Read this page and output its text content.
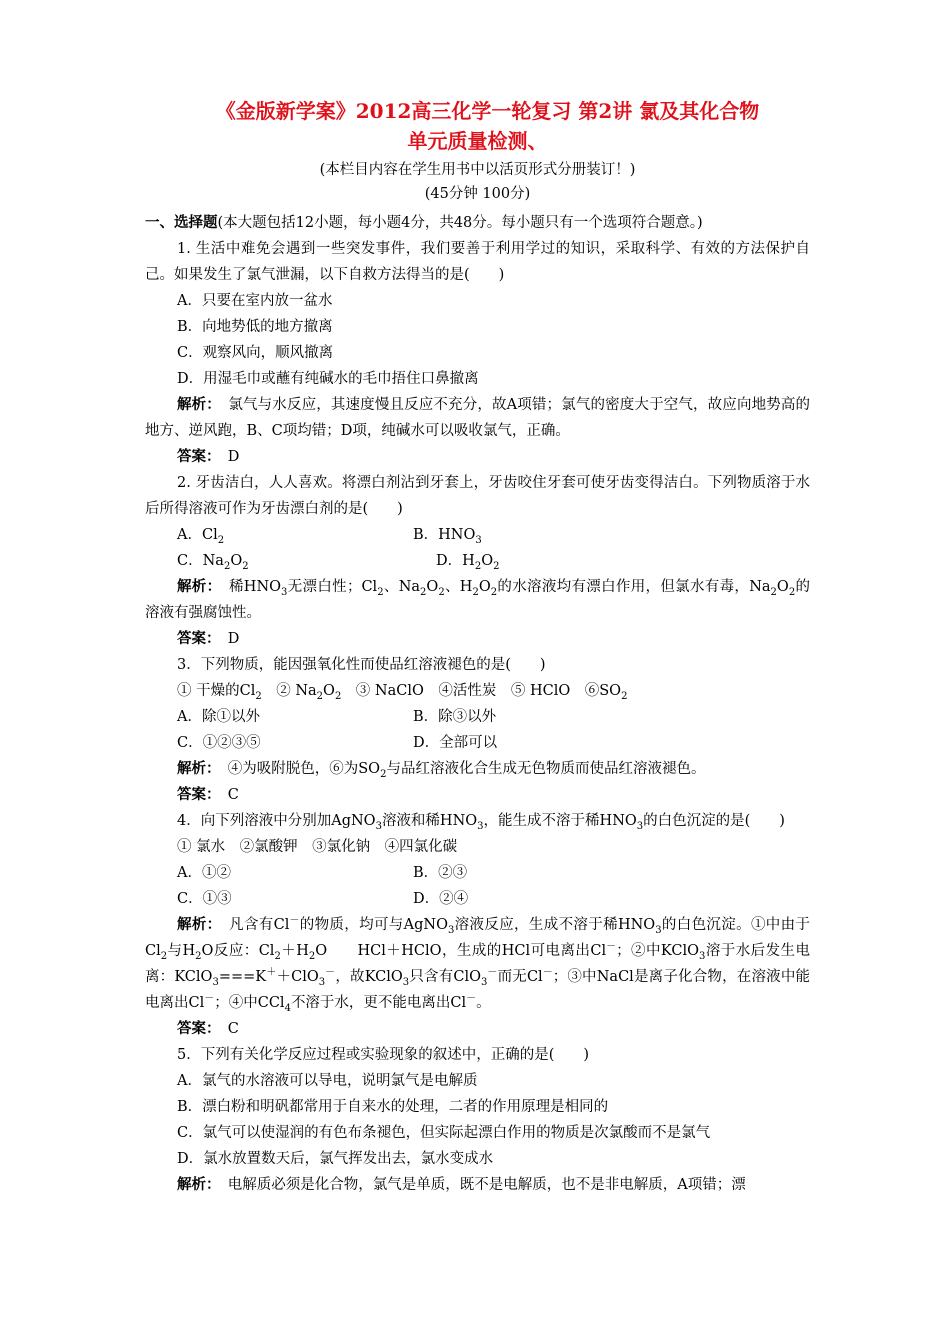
《金版新学案》2012高三化学一轮复习 第2讲 氯及其化合物

单元质量检测、

(本栏目内容在学生用书中以活页形式分册装订！)

(45分钟 100分)

一、选择题(本大题包括12小题，每小题4分，共48分。每小题只有一个选项符合题意。)

1. 生活中难免会遇到一些突发事件，我们要善于利用学过的知识，采取科学、有效的方法保护自己。如果发生了氯气泄漏，以下自救方法得当的是(　　)

A．只要在室内放一盆水

B．向地势低的地方撤离

C．观察风向，顺风撤离

D．用湿毛巾或蘸有纯碱水的毛巾捂住口鼻撤离

解析：　 氯气与水反应，其速度慢且反应不充分，故A项错；氯气的密度大于空气，故应向地势高的地方、逆风跑，B、C项均错；D项，纯碱水可以吸收氯气，正确。

答案：　 D

2. 牙齿洁白，人人喜欢。将漂白剂沾到牙套上，牙齿咬住牙套可使牙齿变得洁白。下列物质溶于水后所得溶液可作为牙齿漂白剂的是(　　)

A．$Cl_2$	B．$HNO_3$
C．$Na_2O_2$	D．$H_2O_2$

解析：　稀$HNO_3$无漂白性；$Cl_2$、$Na_2O_2$、$H_2O_2$的水溶液均有漂白作用，但氯水有毒，$Na_2O_2$的溶液有强腐蚀性。

答案：　 D

3．下列物质，能因强氧化性而使品红溶液褪色的是(　　)

① 干燥的$Cl_2$　② $Na_2O_2$　③ NaClO　④活性炭　⑤ HClO　$⑥SO_2$

A．除①以外	B．除③以外
C．①②③⑤	D．全部可以

解析：　④为吸附脱色，⑥为$SO_2$与品红溶液化合生成无色物质而使品红溶液褪色。

答案：　 C

4．向下列溶液中分别加AgNO$_3$溶液和稀$HNO_3$，能生成不溶于稀$HNO_3$的白色沉淀的是(　　)

① 氯水　②氯酸钾　③氯化钠　④四氯化碳

A．①②	B．②③
C．①③	D．②④

解析：　凡含有Cl－的物质，均可与AgNO$_3$溶液反应，生成不溶于稀$HNO_3$的白色沉淀。①中由于$Cl_2$与$H_2O$反应：$Cl_2+H_2O$　　HCl＋HClO，生成的HCl可电离出Cl－；②中KClO$_3$溶于水后发生电离：KClO$_3$===K＋＋ClO$_3$－，故KClO$_3$只含有ClO$_3$－而无Cl－；③中NaCl是离子化合物，在溶液中能电离出Cl－；④中CCl$_4$不溶于水，更不能电离出Cl－。

答案：　 C

5．下列有关化学反应过程或实验现象的叙述中，正确的是(　　)

A．氯气的水溶液可以导电，说明氯气是电解质

B．漂白粉和明矾都常用于自来水的处理，二者的作用原理是相同的

C．氯气可以使湿润的有色布条褪色，但实际起漂白作用的物质是次氯酸而不是氯气

D．氯水放置数天后，氯气挥发出去，氯水变成水

解析：　 电解质必须是化合物，氯气是单质，既不是电解质，也不是非电解质，A项错；漂
